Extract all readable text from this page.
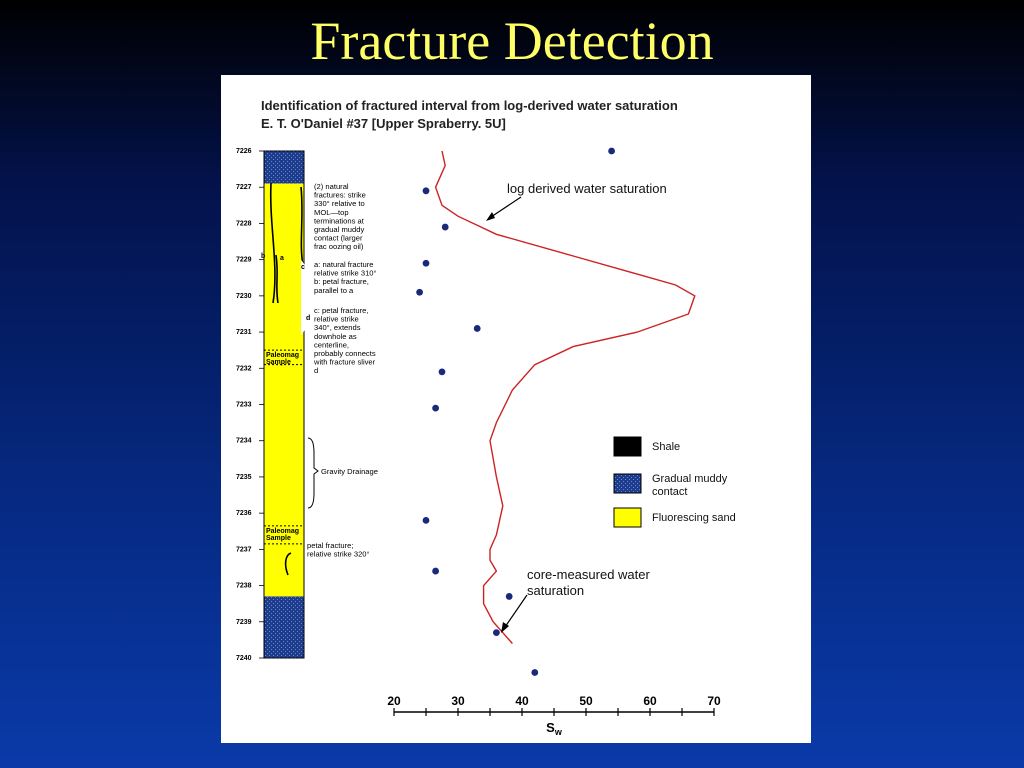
Fracture Detection
Identification of fractured interval from log-derived water saturation
E. T. O'Daniel #37 [Upper Spraberry. 5U]
Paleomag
Sample
Paleomag
Sample
b a
c
d
7226
7227
7228
7229
7230
7231
7232
7233
7234
7235
7236
7237
7238
7239
7240
(2) natural
fractures: strike
330° relative to
MOL—top
terminations at
gradual muddy
contact (larger
frac oozing oil)
a: natural fracture
relative strike 310°
b: petal fracture,
parallel to a
c: petal fracture,
relative strike
340°, extends
downhole as
centerline,
probably connects
with fracture sliver
d
Gravity Drainage
petal fracture;
relative strike 320°
log derived water saturation
core-measured water
saturation
20	30	40	50	60	70
$S_w$
Shale
Gradual muddy
contact
Fluorescing sand
